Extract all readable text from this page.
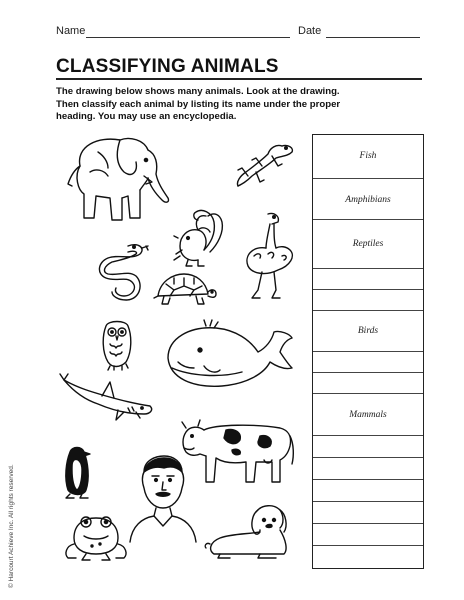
Name	Date
CLASSIFYING ANIMALS
The drawing below shows many animals. Look at the drawing. Then classify each animal by listing its name under the proper heading. You may use an encyclopedia.
Fish
Amphibians
Reptiles
Birds
Mammals
© Harcourt Achieve Inc. All rights reserved.
